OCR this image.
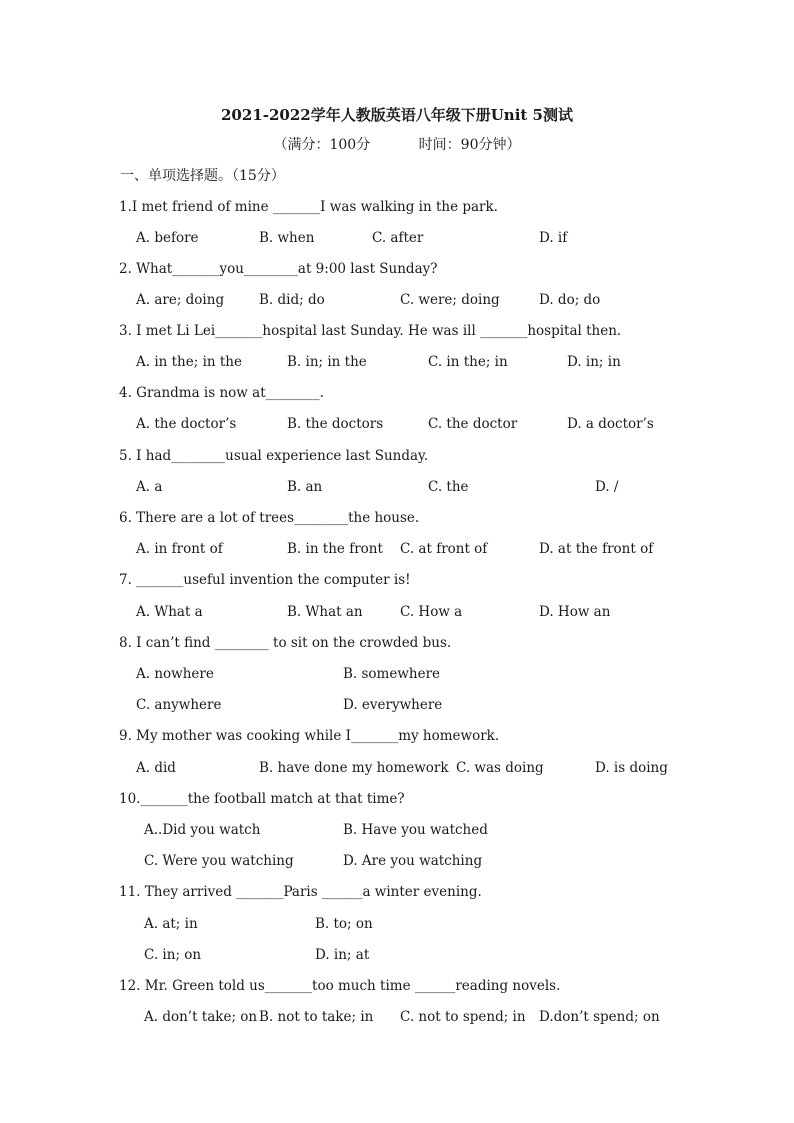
2021-2022学年人教版英语八年级下册Unit 5测试
（满分：100分	时间：90分钟）
一、单项选择题。（15分）
1.I met friend of mine _______I was walking in the park.
A. before	B. when	C. after	D. if
2. What_______you________at 9:00 last Sunday?
A. are; doing	B. did; do	C. were; doing	D. do; do
3. I met Li Lei_______hospital last Sunday. He was ill _______hospital then.
A. in the; in the	B. in; in the	C. in the; in	D. in; in
4. Grandma is now at________.
A. the doctor’s	B. the doctors	C. the doctor	D. a doctor’s
5. I had________usual experience last Sunday.
A. a	B. an	C. the	D. /
6. There are a lot of trees________the house.
A. in front of	B. in the front C. at front of	D. at the front of
7. _______useful invention the computer is!
A. What a	B. What an	C. How a	D. How an
8. I can’t find ________ to sit on the crowded bus.
A. nowhere	B. somewhere
C. anywhere	D. everywhere
9. My mother was cooking while I_______my homework.
A. did	B. have done my homework C. was doing	D. is doing
10._______the football match at that time?
A..Did you watch	B. Have you watched
C. Were you watching	D. Are you watching
11. They arrived _______Paris ______a winter evening.
A. at; in	B. to; on
C. in; on	D. in; at
12. Mr. Green told us_______too much time ______reading novels.
A. don’t take; on B. not to take; in C. not to spend; in D.don’t spend; on
